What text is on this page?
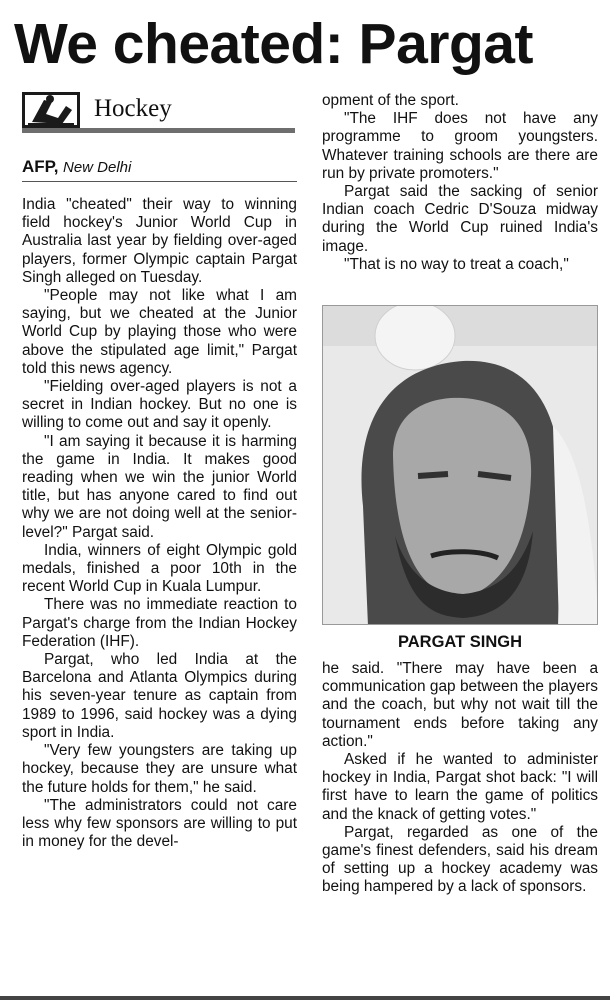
We cheated: Pargat
Hockey
AFP, New Delhi

India "cheated" their way to winning field hockey's Junior World Cup in Australia last year by fielding over-aged players, former Olympic captain Pargat Singh alleged on Tuesday.

"People may not like what I am saying, but we cheated at the Junior World Cup by playing those who were above the stipulated age limit," Pargat told this news agency.

"Fielding over-aged players is not a secret in Indian hockey. But no one is willing to come out and say it openly.

"I am saying it because it is harming the game in India. It makes good reading when we win the junior World title, but has anyone cared to find out why we are not doing well at the senior-level?" Pargat said.

India, winners of eight Olympic gold medals, finished a poor 10th in the recent World Cup in Kuala Lumpur.

There was no immediate reaction to Pargat's charge from the Indian Hockey Federation (IHF).

Pargat, who led India at the Barcelona and Atlanta Olympics during his seven-year tenure as captain from 1989 to 1996, said hockey was a dying sport in India.

"Very few youngsters are taking up hockey, because they are unsure what the future holds for them," he said.

"The administrators could not care less why few sponsors are willing to put in money for the devel-

opment of the sport.

"The IHF does not have any programme to groom youngsters. Whatever training schools are there are run by private promoters."

Pargat said the sacking of senior Indian coach Cedric D'Souza midway during the World Cup ruined India's image.

"That is no way to treat a coach,"

PARGAT SINGH

he said. "There may have been a communication gap between the players and the coach, but why not wait till the tournament ends before taking any action."

Asked if he wanted to administer hockey in India, Pargat shot back: "I will first have to learn the game of politics and the knack of getting votes."

Pargat, regarded as one of the game's finest defenders, said his dream of setting up a hockey academy was being hampered by a lack of sponsors.
